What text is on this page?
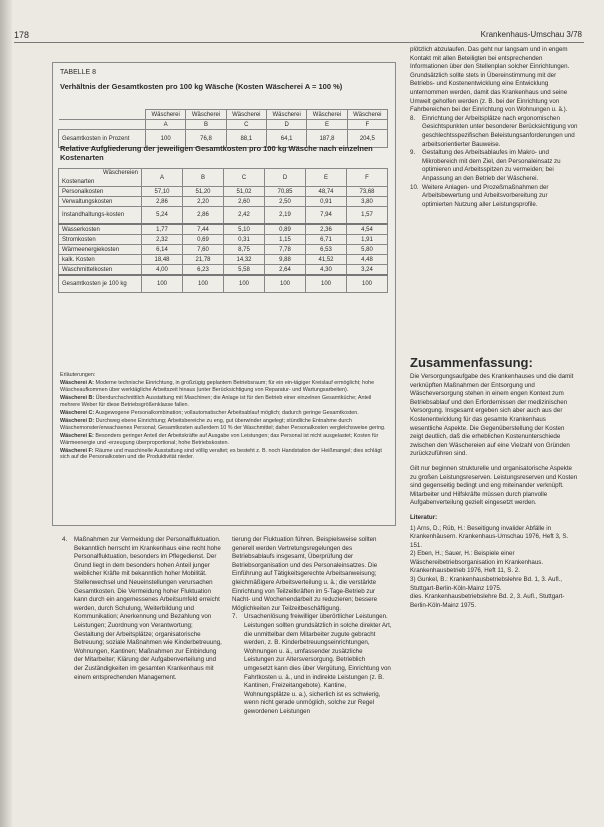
178	Krankenhaus-Umschau 3/78
TABELLE 8
Verhältnis der Gesamtkosten pro 100 kg Wäsche (Kosten Wäscherei A = 100 %)
	Wäscherei	Wäscherei	Wäscherei	Wäscherei	Wäscherei	Wäscherei
	A	B	C	D	E	F
Gesamtkosten in Prozent	100	76,8	88,1	64,1	187,8	204,5
Relative Aufgliederung der jeweiligen Gesamtkosten pro 100 kg Wäsche nach einzelnen Kostenarten
Wäschereien
Kostenarten	A	B	C	D	E	F
Personalkosten	57,10	51,20	51,02	70,85	48,74	73,68
Verwaltungskosten	2,86	2,20	2,60	2,50	0,91	3,80
Instandhaltungs-kosten	5,24	2,86	2,42	2,19	7,94	1,57
Wasserkosten	1,77	7,44	5,10	0,89	2,36	4,54
Stromkosten	2,32	0,69	0,31	1,15	6,71	1,91
Wärmeenergiekosten	6,14	7,60	8,75	7,78	6,53	5,80
kalk. Kosten	18,48	21,78	14,32	9,88	41,52	4,48
Waschmittelkosten	4,00	6,23	5,58	2,64	4,30	3,24
Gesamtkosten je 100 kg	100	100	100	100	100	100

Erläuterungen:

Wäscherei A: Moderne technische Einrichtung, in großzügig geplantem Betriebsraum; für ein ein-tägiger Kreislauf ermöglicht; hohe Wäscheaufkommen über werktägliche Arbeitszeit hinaus (unter Berücksichtigung von Reparatur- und Wartungsarbeiten).

Wäscherei B: Überdurchschnittlich Ausstattung mit Maschinen; die Anlage ist für den Betrieb einer einzelnen Gesamtküche; Anteil mehrere Weber für diese Betriebsgrößenklasse fallen.

Wäscherei C: Ausgewogene Personalkombination; vollautomatischer Arbeitsablauf möglich; dadurch geringe Gesamtkosten.

Wäscherei D: Durchweg ebene Einrichtung; Arbeitsbereiche zu eng, gut überwinder angelegt; stündliche Entnahme durch Wäschemonster/erwachsenes Personal; Gesamtkosten außerdem 10 % der Waschmittel; daher Personalkosten vergleichsweise gering.

Wäscherei E: Besonders geringer Anteil der Arbeitskräfte auf Ausgabe von Leistungen; das Personal ist nicht ausgelastet; Kosten für Wärmeenergie und -erzeugung überproportional; hohe Betriebskosten.

Wäscherei F: Räume und maschinelle Ausstattung sind völlig veraltet; es besteht z. B. noch Handstation der Heißmangel; dies schlägt sich auf die Personalkosten und die Produktivität nieder.

plötzlich abzulaufen. Das geht nur langsam und in engem Kontakt mit allen Beteiligten bei entsprechenden Informationen über den Stellenplan solcher Einrichtungen. Grundsätzlich sollte stets in Übereinstimmung mit der Betriebs- und Kostenentwicklung eine Entwicklung unternommen werden, damit das Krankenhaus und seine Umwelt geholfen werden (z. B. bei der Einrichtung von Fahrbereichen bei der Einrichtung von Wohnungen u. ä.).

8.	Einrichtung der Arbeitsplätze nach ergonomischen Gesichtspunkten unter besonderer Berücksichtigung von geschlechtsspezifischen Beleistungsanforderungen und arbeitsorientierter Bauweise.
9.	Gestaltung des Arbeitsablaufes im Makro- und Mikrobereich mit dem Ziel, den Personaleinsatz zu optimieren und Arbeitsspitzen zu vermeiden; bei Anpassung an den Betrieb der Wäscherei.
10. Weitere Anlagen- und Prozeßmaßnahmen der Arbeitsbewertung und Arbeitsvorbereitung zur optimierten Nutzung aller Leistungsprofile.
Zusammenfassung:

Die Versorgungsaufgabe des Krankenhauses und die damit verknüpften Maßnahmen der Entsorgung und Wäscheversorgung stehen in einem engen Kontext zum Betriebsablauf und den Erfordernissen der medizinischen Versorgung. Insgesamt ergeben sich aber auch aus der Kostenentwicklung für das gesamte Krankenhaus wesentliche Aspekte. Die Gegenüberstellung der Kosten zeigt deutlich, daß die erheblichen Kostenunterschiede zwischen den Wäschereien auf eine Vielzahl von Gründen zurückzuführen sind.

Gilt nur beginnen strukturelle und organisatorische Aspekte zu großen Leistungsreserven. Leistungsreserven und Kosten sind gegenseitig bedingt und eng miteinander verknüpft. Mitarbeiter und Hilfskräfte müssen durch planvolle Aufgabenverteilung gezielt eingesetzt werden.

Literatur:
1) Arns, D.; Rüb, H.: Beseitigung invalider Abfälle in Krankenhäusern. Krankenhaus-Umschau 1976, Heft 3, S. 151.
2) Eben, H.; Sauer, H.: Beispiele einer Wäschereibetriebsorganisation im Krankenhaus. Krankenhausbetrieb 1976, Heft 11, S. 2.
3) Gunkel, B.: Krankenhausbetriebslehre Bd. 1, 3. Aufl., Stuttgart-Berlin-Köln-Mainz 1975.
dies. Krankenhausbetriebslehre Bd. 2, 3. Aufl., Stuttgart-Berlin-Köln-Mainz 1975.
4.	Maßnahmen zur Vermeidung der Personalfluktuation. Bekanntlich herrscht im Krankenhaus eine recht hohe Personalfluktuation, besonders im Pflegedienst. Der Grund liegt in dem besonders hohen Anteil junger weiblicher Kräfte mit bekanntlich hoher Mobilität. Stellenwechsel und Neueinstellungen verursachen Gesamtkosten. Die Vermeidung hoher Fluktuation kann durch ein angemessenes Arbeitsumfeld erreicht werden, durch Schulung, Weiterbildung und Kommunikation; Anerkennung und Bezahlung von Leistungen; Zuordnung von Verantwortung; Gestaltung der Arbeitsplätze; organisatorische Betreuung; soziale Maßnahmen wie Kinderbetreuung, Wohnungen, Kantinen; Maßnahmen zur Einbindung der Mitarbeiter; Klärung der Aufgabenverteilung und der Zuständigkeiten im gesamten Krankenhaus mit einem entsprechenden Management.

tierung der Fluktuation führen. Beispielsweise sollten generell werden Vertretungsregelungen des Betriebsablaufs insgesamt, Überprüfung der Betriebsorganisation und des Personaleinsatzes. Die Einführung auf Tätigkeitsgerechte Arbeitsanweisung; gleichmäßigere Arbeitsverteilung u. ä.; die verstärkte Einrichtung von Teilzeitkräften im 5-Tage-Betrieb zur Nacht- und Wochenendarbeit zu reduzieren; bessere Möglichkeiten zur Teilzeitbeschäftigung.

7.	Ursachenlösung freiwilliger überörtlicher Leistungen. Leistungen sollten grundsätzlich in solche direkter Art, die unmittelbar dem Mitarbeiter zugute gebracht werden, z. B. Kinderbetreuungseinrichtungen, Wohnungen u. ä., umfassender zusätzliche Leistungen zur Altersversorgung. Betrieblich umgesetzt kann dies über Vergütung, Einrichtung von Fahrtkosten u. ä., und in indirekte Leistungen (z. B. Kantinen, Freizeitangebote). Kantine, Wohnungsplätze u. a.), sicherlich ist es schwierig, wenn nicht gerade unmöglich, solche zur Regel gewordenen Leistungen
